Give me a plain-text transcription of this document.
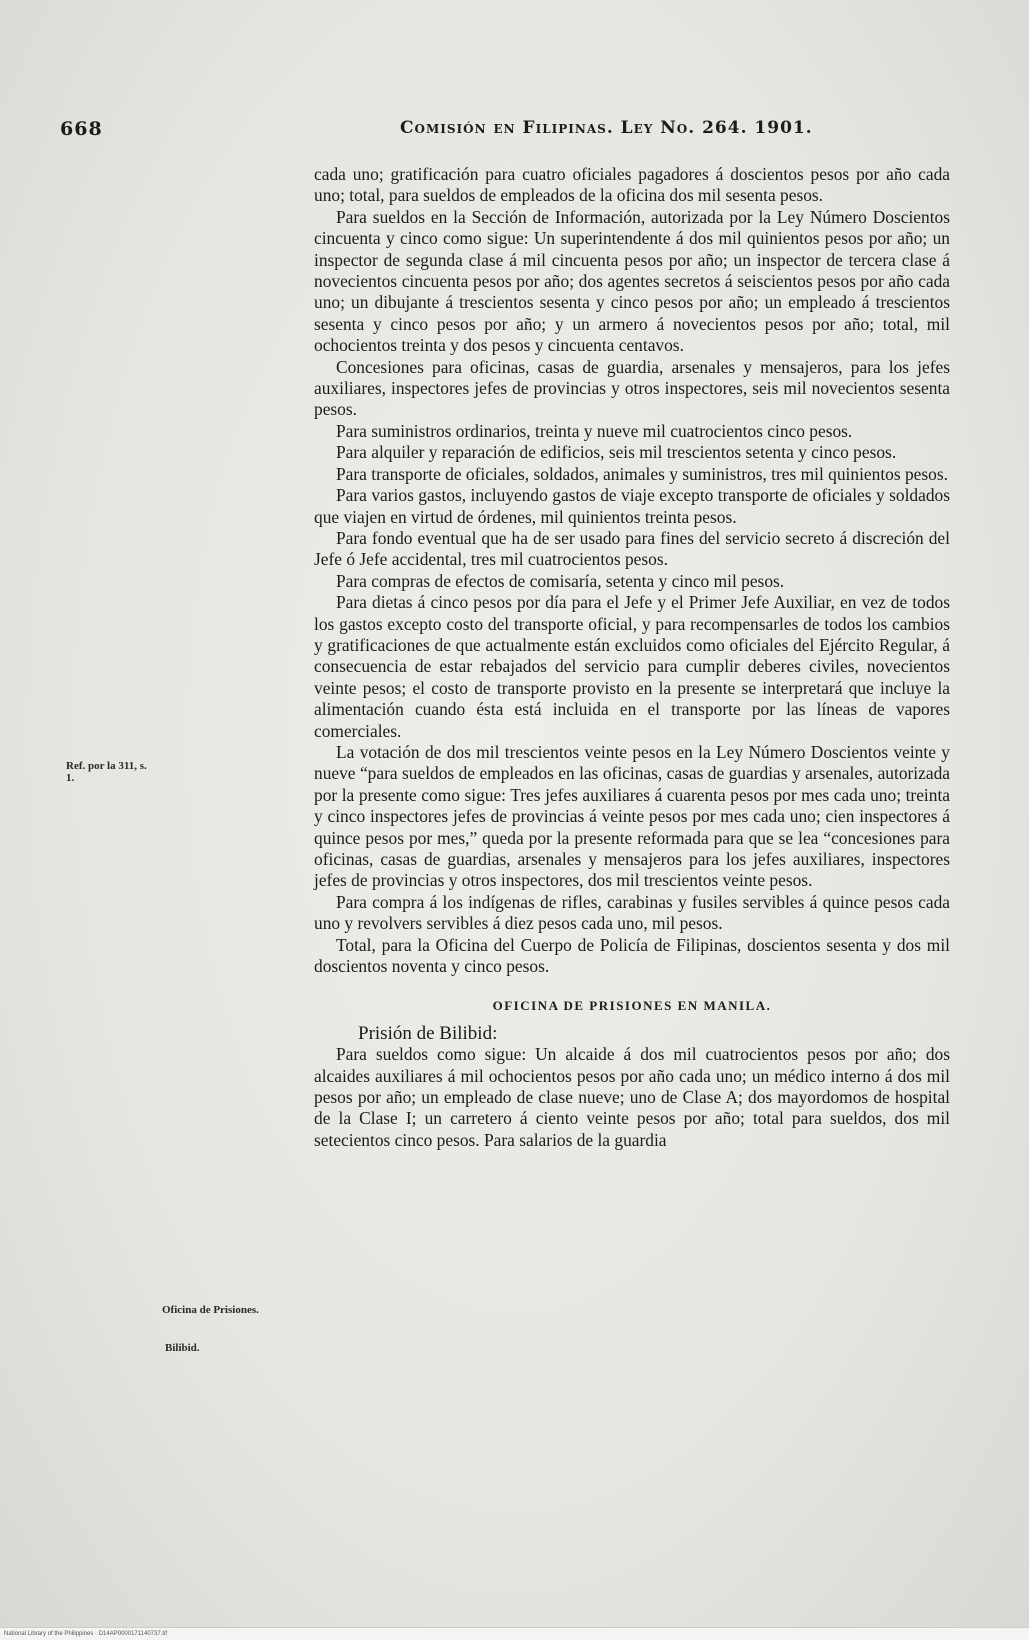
668	Comisión en Filipinas. Ley No. 264. 1901.
Ref. por la 311, s. 1.
Oficina de Prisiones.
Bilibid.

cada uno; gratificación para cuatro oficiales pagadores á doscientos pesos por año cada uno; total, para sueldos de empleados de la oficina dos mil sesenta pesos.

Para sueldos en la Sección de Información, autorizada por la Ley Número Doscientos cincuenta y cinco como sigue: Un superintendente á dos mil quinientos pesos por año; un inspector de segunda clase á mil cincuenta pesos por año; un inspector de tercera clase á novecientos cincuenta pesos por año; dos agentes secretos á seiscientos pesos por año cada uno; un dibujante á trescientos sesenta y cinco pesos por año; un empleado á trescientos sesenta y cinco pesos por año; y un armero á novecientos pesos por año; total, mil ochocientos treinta y dos pesos y cincuenta centavos.

Concesiones para oficinas, casas de guardia, arsenales y mensajeros, para los jefes auxiliares, inspectores jefes de provincias y otros inspectores, seis mil novecientos sesenta pesos.

Para suministros ordinarios, treinta y nueve mil cuatrocientos cinco pesos.

Para alquiler y reparación de edificios, seis mil trescientos setenta y cinco pesos.

Para transporte de oficiales, soldados, animales y suministros, tres mil quinientos pesos.

Para varios gastos, incluyendo gastos de viaje excepto transporte de oficiales y soldados que viajen en virtud de órdenes, mil quinientos treinta pesos.

Para fondo eventual que ha de ser usado para fines del servicio secreto á discreción del Jefe ó Jefe accidental, tres mil cuatrocientos pesos.

Para compras de efectos de comisaría, setenta y cinco mil pesos.

Para dietas á cinco pesos por día para el Jefe y el Primer Jefe Auxiliar, en vez de todos los gastos excepto costo del transporte oficial, y para recompensarles de todos los cambios y gratificaciones de que actualmente están excluidos como oficiales del Ejército Regular, á consecuencia de estar rebajados del servicio para cumplir deberes civiles, novecientos veinte pesos; el costo de transporte provisto en la presente se interpretará que incluye la alimentación cuando ésta está incluida en el transporte por las líneas de vapores comerciales.

La votación de dos mil trescientos veinte pesos en la Ley Número Doscientos veinte y nueve “para sueldos de empleados en las oficinas, casas de guardias y arsenales, autorizada por la presente como sigue: Tres jefes auxiliares á cuarenta pesos por mes cada uno; treinta y cinco inspectores jefes de provincias á veinte pesos por mes cada uno; cien inspectores á quince pesos por mes,” queda por la presente reformada para que se lea “concesiones para oficinas, casas de guardias, arsenales y mensajeros para los jefes auxiliares, inspectores jefes de provincias y otros inspectores, dos mil trescientos veinte pesos.

Para compra á los indígenas de rifles, carabinas y fusiles servibles á quince pesos cada uno y revolvers servibles á diez pesos cada uno, mil pesos.

Total, para la Oficina del Cuerpo de Policía de Filipinas, doscientos sesenta y dos mil doscientos noventa y cinco pesos.

OFICINA DE PRISIONES EN MANILA.

Prisión de Bilibid:

Para sueldos como sigue: Un alcaide á dos mil cuatrocientos pesos por año; dos alcaides auxiliares á mil ochocientos pesos por año cada uno; un médico interno á dos mil pesos por año; un empleado de clase nueve; uno de Clase A; dos mayordomos de hospital de la Clase I; un carretero á ciento veinte pesos por año; total para sueldos, dos mil setecientos cinco pesos. Para salarios de la guardia

National Library of the Philippines · D14AP0000171140737.tif
